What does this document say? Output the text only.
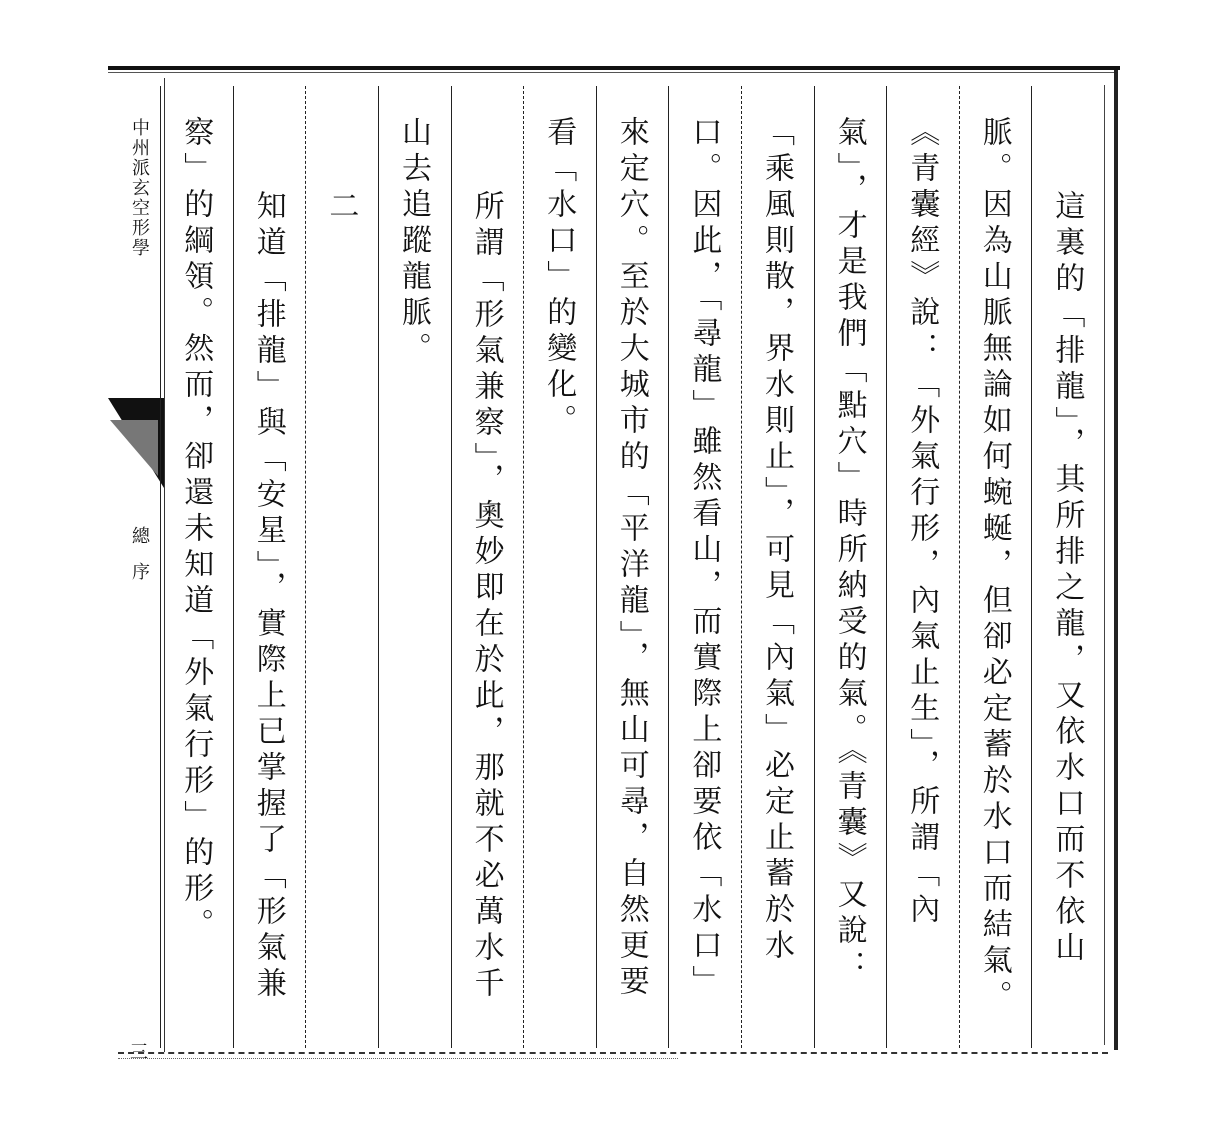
中州派玄空形學
總序
三
這裏的「排龍」，其所排之龍，又依水口而不依山
脈。因為山脈無論如何蜿蜒，但卻必定蓄於水口而結氣。
《青囊經》說：「外氣行形，內氣止生」，所謂「內
氣」，才是我們「點穴」時所納受的氣。《青囊》又說：
「乘風則散，界水則止」，可見「內氣」必定止蓄於水
口。因此，「尋龍」雖然看山，而實際上卻要依「水口」
來定穴。至於大城市的「平洋龍」，無山可尋，自然更要
看「水口」的變化。
所謂「形氣兼察」，奧妙即在於此，那就不必萬水千
山去追蹤龍脈。
二
知道「排龍」與「安星」，實際上已掌握了「形氣兼
察」的綱領。然而，卻還未知道「外氣行形」的形。
